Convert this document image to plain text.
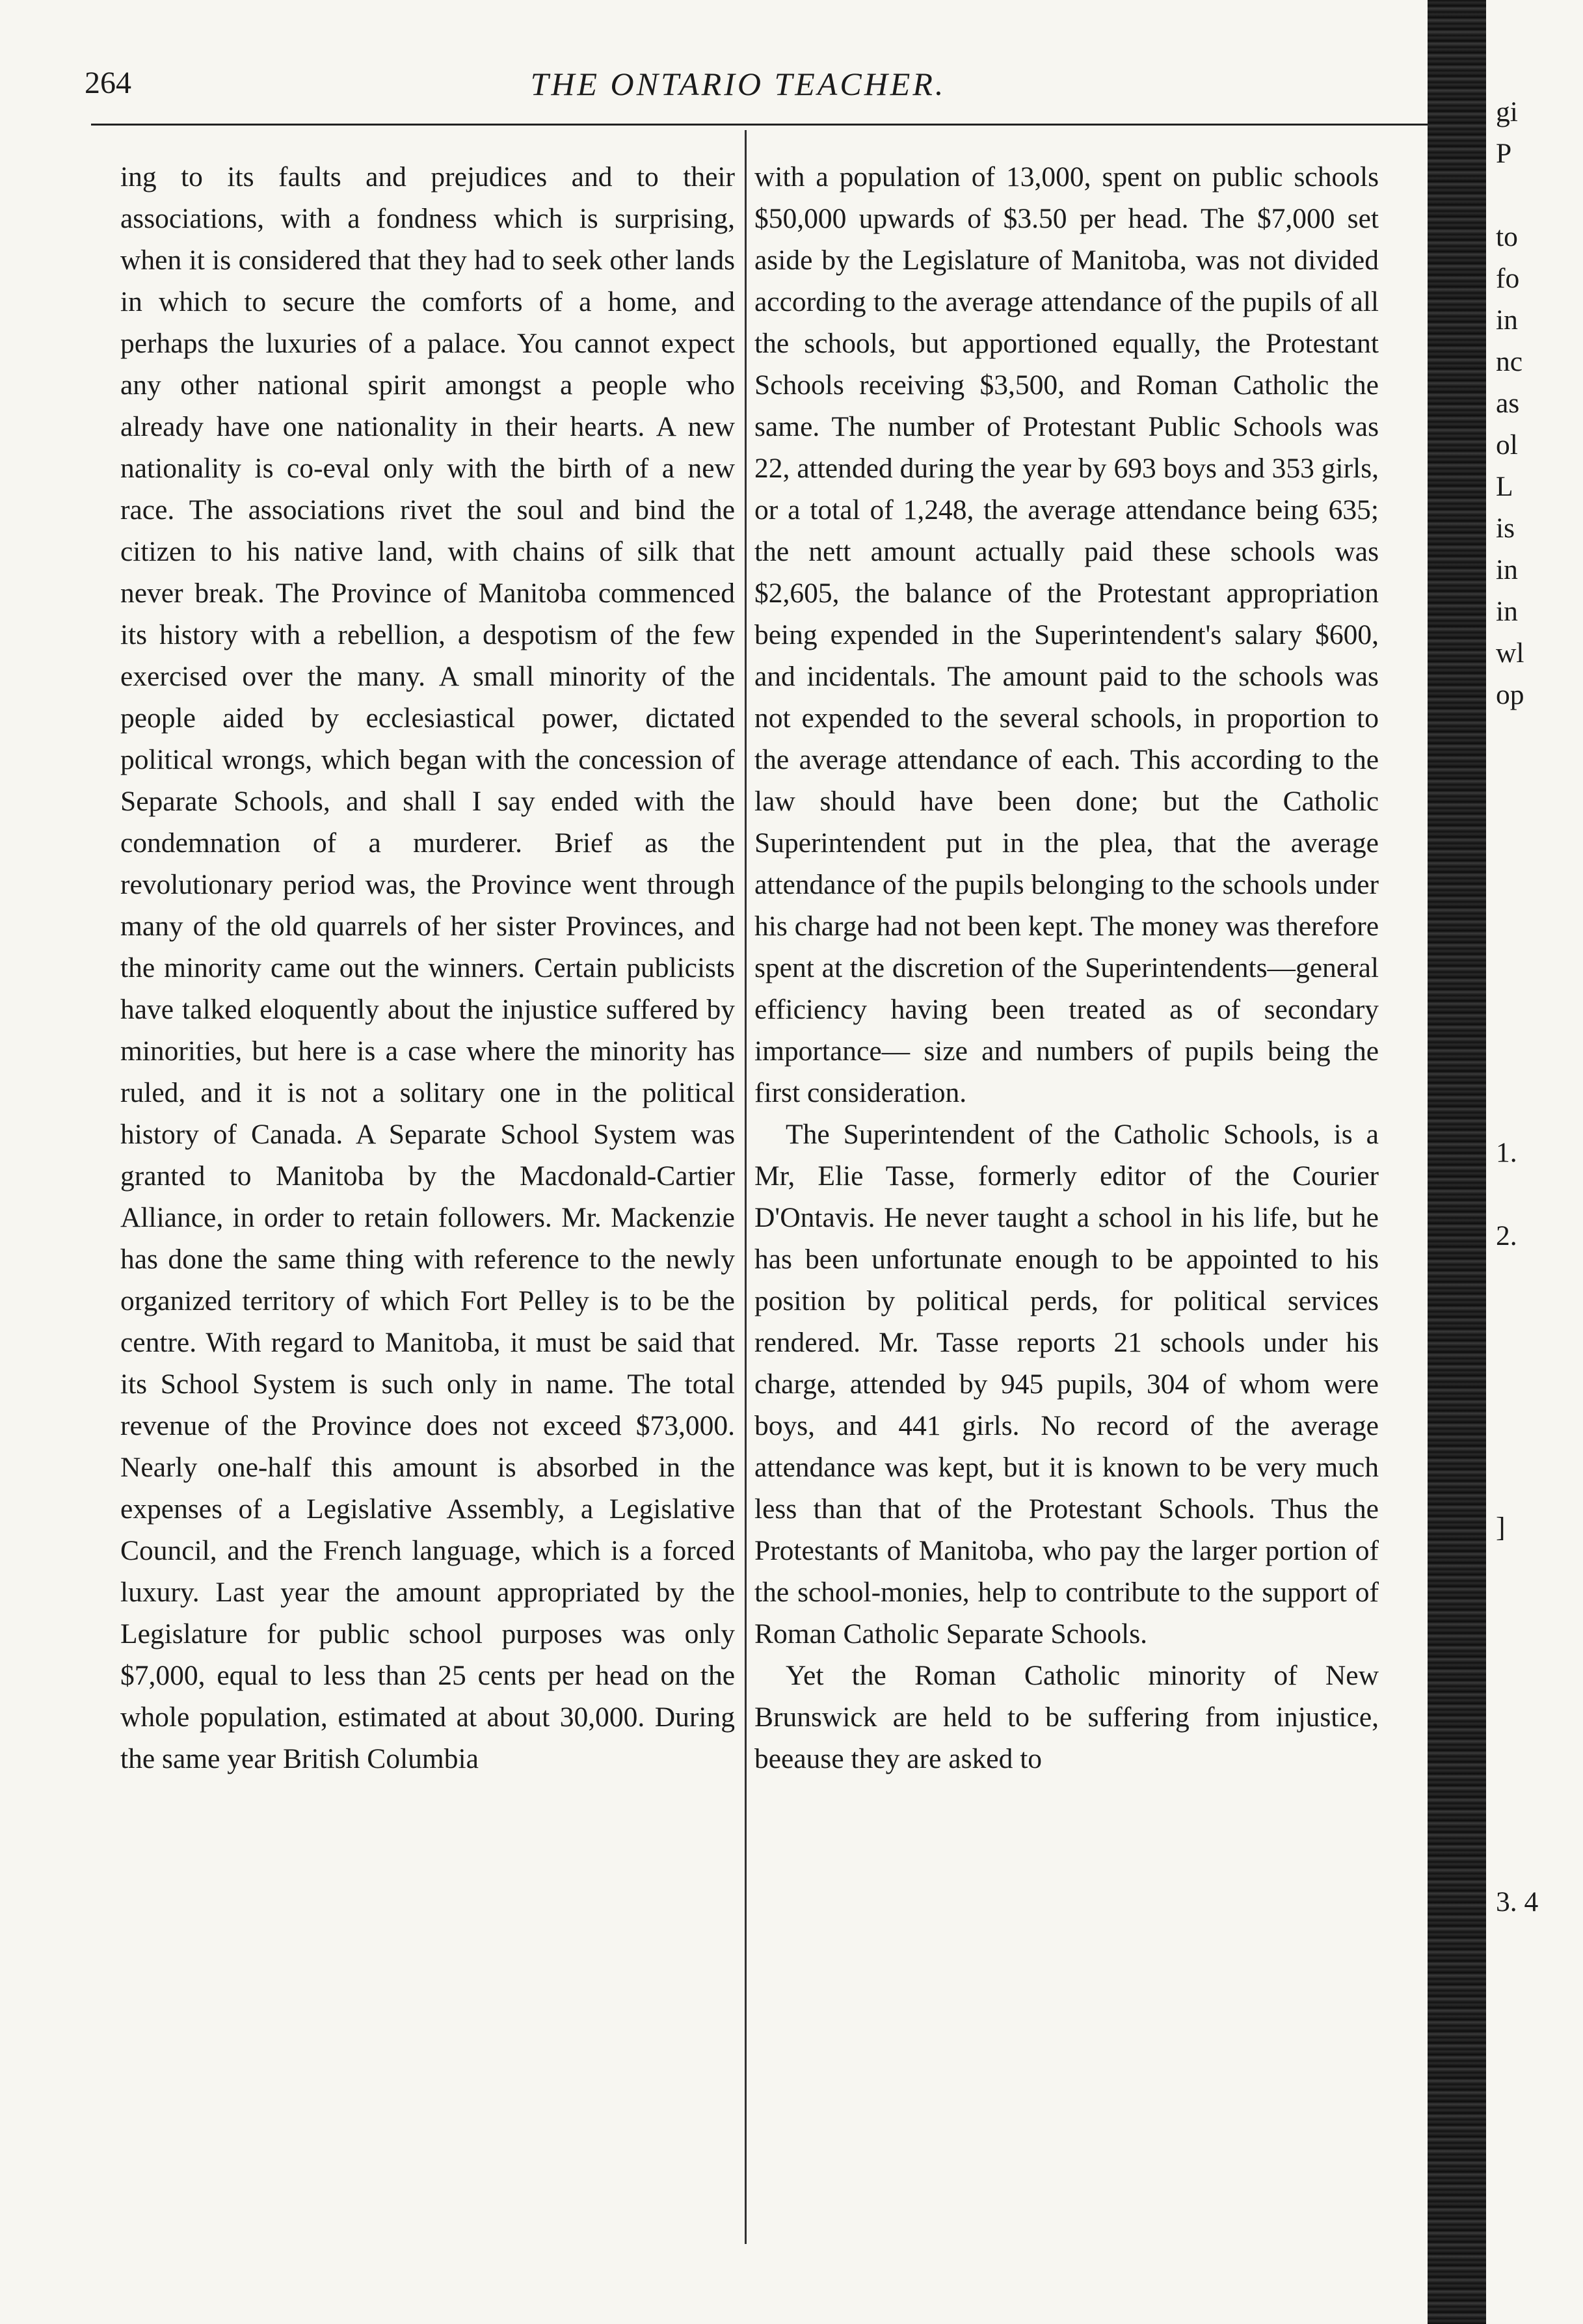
264	THE ONTARIO TEACHER.

ing to its faults and prejudices and to their associations, with a fondness which is surprising, when it is considered that they had to seek other lands in which to secure the comforts of a home, and perhaps the luxuries of a palace. You cannot expect any other national spirit amongst a people who already have one nationality in their hearts. A new nationality is co-eval only with the birth of a new race. The associations rivet the soul and bind the citizen to his native land, with chains of silk that never break. The Province of Manitoba commenced its history with a rebellion, a despotism of the few exercised over the many. A small minority of the people aided by ecclesiastical power, dictated political wrongs, which began with the concession of Separate Schools, and shall I say ended with the condemnation of a murderer. Brief as the revolutionary period was, the Province went through many of the old quarrels of her sister Provinces, and the minority came out the winners. Certain publicists have talked eloquently about the injustice suffered by minorities, but here is a case where the minority has ruled, and it is not a solitary one in the political history of Canada. A Separate School System was granted to Manitoba by the Macdonald-Cartier Alliance, in order to retain followers. Mr. Mackenzie has done the same thing with reference to the newly organized territory of which Fort Pelley is to be the centre. With regard to Manitoba, it must be said that its School System is such only in name. The total revenue of the Province does not exceed $73,000. Nearly one-half this amount is absorbed in the expenses of a Legislative Assembly, a Legislative Council, and the French language, which is a forced luxury. Last year the amount appropriated by the Legislature for public school purposes was only $7,000, equal to less than 25 cents per head on the whole population, estimated at about 30,000. During the same year British Columbia

with a population of 13,000, spent on public schools $50,000 upwards of $3.50 per head. The $7,000 set aside by the Legislature of Manitoba, was not divided according to the average attendance of the pupils of all the schools, but apportioned equally, the Protestant Schools receiving $3,500, and Roman Catholic the same. The number of Protestant Public Schools was 22, attended during the year by 693 boys and 353 girls, or a total of 1,248, the average attendance being 635; the nett amount actually paid these schools was $2,605, the balance of the Protestant appropriation being expended in the Superintendent's salary $600, and incidentals. The amount paid to the schools was not expended to the several schools, in proportion to the average attendance of each. This according to the law should have been done; but the Catholic Superintendent put in the plea, that the average attendance of the pupils belonging to the schools under his charge had not been kept. The money was therefore spent at the discretion of the Superintendents—general efficiency having been treated as of secondary importance— size and numbers of pupils being the first consideration.

The Superintendent of the Catholic Schools, is a Mr, Elie Tasse, formerly editor of the Courier D'Ontavis. He never taught a school in his life, but he has been unfortunate enough to be appointed to his position by political perds, for political services rendered. Mr. Tasse reports 21 schools under his charge, attended by 945 pupils, 304 of whom were boys, and 441 girls. No record of the average attendance was kept, but it is known to be very much less than that of the Protestant Schools. Thus the Protestants of Manitoba, who pay the larger portion of the school-monies, help to contribute to the support of Roman Catholic Separate Schools.

Yet the Roman Catholic minority of New Brunswick are held to be suffering from injustice, beeause they are asked to

gi
P
to
fo
in
nc
as
ol
L
is
in
in
wl
op
1.
2.
]
3. 4
